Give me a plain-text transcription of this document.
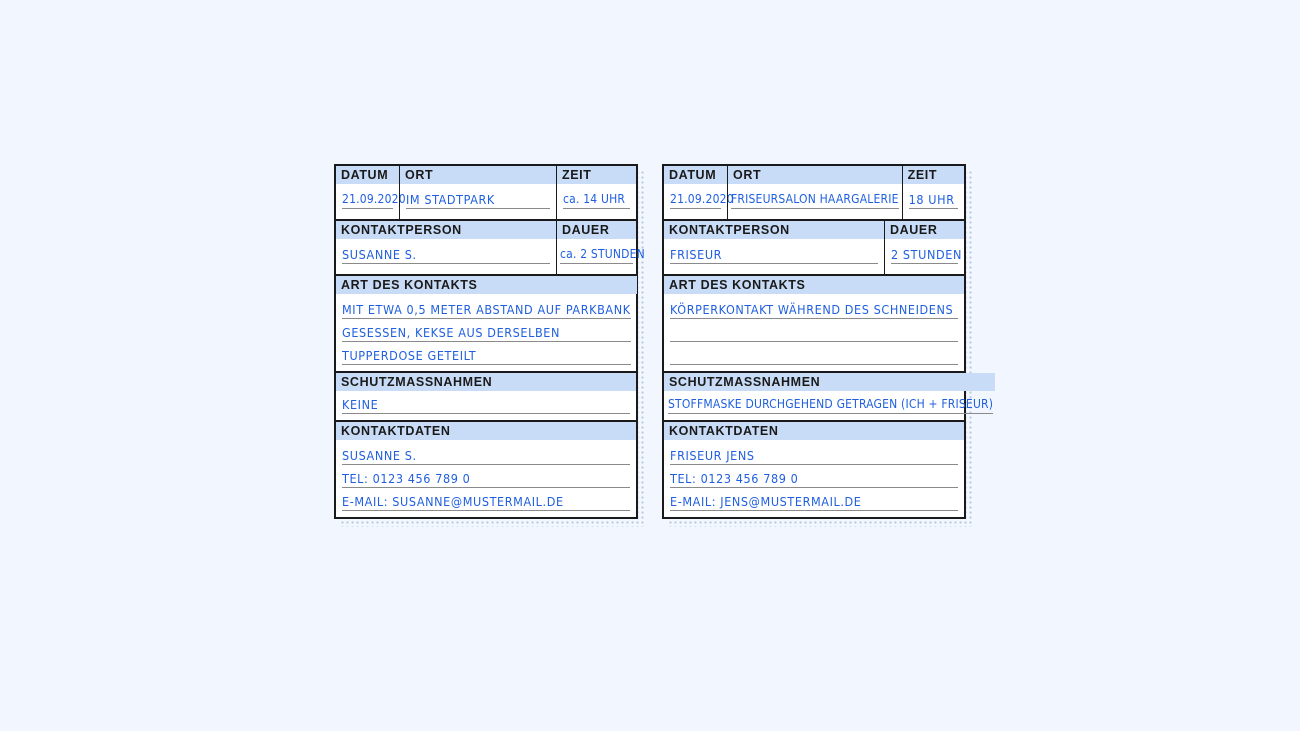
DATUM
21.09.2020
ORT
IM STADTPARK
ZEIT
ca. 14 UHR
KONTAKTPERSON
SUSANNE S.
DAUER
ca. 2 STUNDEN
ART DES KONTAKTS
MIT ETWA 0,5 METER ABSTAND AUF PARKBANK
GESESSEN, KEKSE AUS DERSELBEN
TUPPERDOSE GETEILT
SCHUTZMASSNAHMEN
KEINE
KONTAKTDATEN
SUSANNE S.
TEL: 0123 456 789 0
E-MAIL: SUSANNE@MUSTERMAIL.DE
DATUM
21.09.2020
ORT
FRISEURSALON HAARGALERIE
ZEIT
18 UHR
KONTAKTPERSON
FRISEUR
DAUER
2 STUNDEN
ART DES KONTAKTS
KÖRPERKONTAKT WÄHREND DES SCHNEIDENS
SCHUTZMASSNAHMEN
STOFFMASKE DURCHGEHEND GETRAGEN (ICH + FRISEUR)
KONTAKTDATEN
FRISEUR JENS
TEL: 0123 456 789 0
E-MAIL: JENS@MUSTERMAIL.DE
